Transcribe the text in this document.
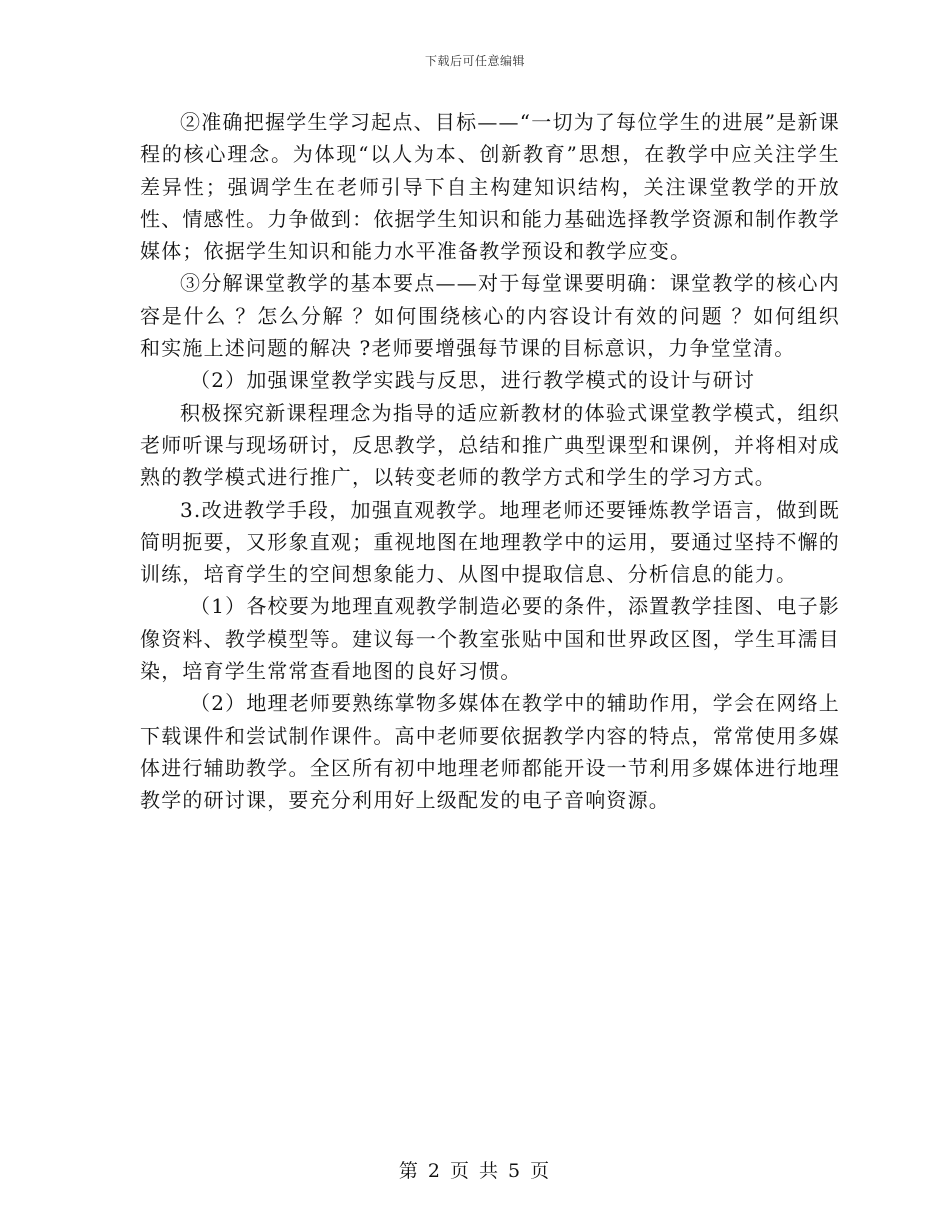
下载后可任意编辑

②准确把握学生学习起点、目标——“一切为了每位学生的进展”是新课程的核心理念。为体现“以人为本、创新教育”思想，在教学中应关注学生差异性；强调学生在老师引导下自主构建知识结构，关注课堂教学的开放性、情感性。力争做到：依据学生知识和能力基础选择教学资源和制作教学媒体；依据学生知识和能力水平准备教学预设和教学应变。

③分解课堂教学的基本要点——对于每堂课要明确：课堂教学的核心内容是什么 ？怎么分解 ？如何围绕核心的内容设计有效的问题 ？如何组织和实施上述问题的解决 ?老师要增强每节课的目标意识，力争堂堂清。

（2）加强课堂教学实践与反思，进行教学模式的设计与研讨

积极探究新课程理念为指导的适应新教材的体验式课堂教学模式，组织老师听课与现场研讨，反思教学，总结和推广典型课型和课例，并将相对成熟的教学模式进行推广，以转变老师的教学方式和学生的学习方式。

3.改进教学手段，加强直观教学。地理老师还要锤炼教学语言，做到既简明扼要，又形象直观；重视地图在地理教学中的运用，要通过坚持不懈的训练，培育学生的空间想象能力、从图中提取信息、分析信息的能力。

（1）各校要为地理直观教学制造必要的条件，添置教学挂图、电子影像资料、教学模型等。建议每一个教室张贴中国和世界政区图，学生耳濡目染，培育学生常常查看地图的良好习惯。

（2）地理老师要熟练掌物多媒体在教学中的辅助作用，学会在网络上下载课件和尝试制作课件。高中老师要依据教学内容的特点，常常使用多媒体进行辅助教学。全区所有初中地理老师都能开设一节利用多媒体进行地理教学的研讨课，要充分利用好上级配发的电子音响资源。

第 2 页 共 5 页
